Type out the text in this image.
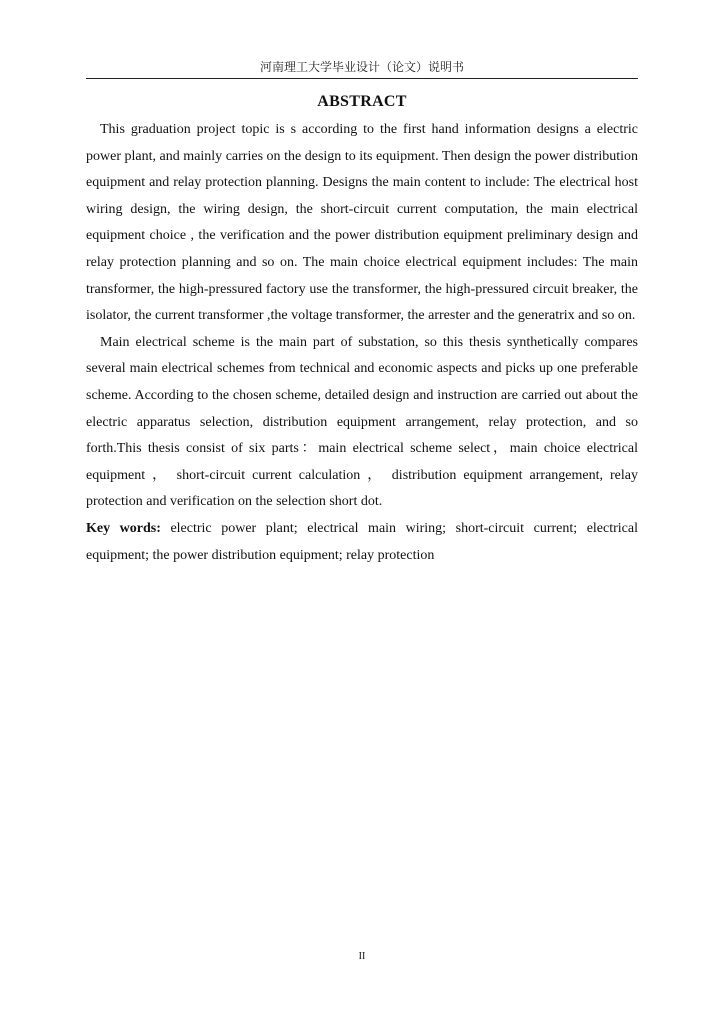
河南理工大学毕业设计（论文）说明书
ABSTRACT

This graduation project topic is s according to the first hand information designs a electric power plant, and mainly carries on the design to its equipment. Then design the power distribution equipment and relay protection planning. Designs the main content to include: The electrical host wiring design, the wiring design, the short-circuit current computation, the main electrical equipment choice , the verification and the power distribution equipment preliminary design and relay protection planning and so on. The main choice electrical equipment includes: The main transformer, the high-pressured factory use the transformer, the high-pressured circuit breaker, the isolator, the current transformer ,the voltage transformer, the arrester and the generatrix and so on.

Main electrical scheme is the main part of substation, so this thesis synthetically compares several main electrical schemes from technical and economic aspects and picks up one preferable scheme. According to the chosen scheme, detailed design and instruction are carried out about the electric apparatus selection, distribution equipment arrangement, relay protection, and so forth.This thesis consist of six parts：main electrical scheme select，main choice electrical equipment ， short-circuit current calculation ， distribution equipment arrangement, relay protection and verification on the selection short dot.

Key words: electric power plant; electrical main wiring; short-circuit current; electrical equipment; the power distribution equipment; relay protection

II
